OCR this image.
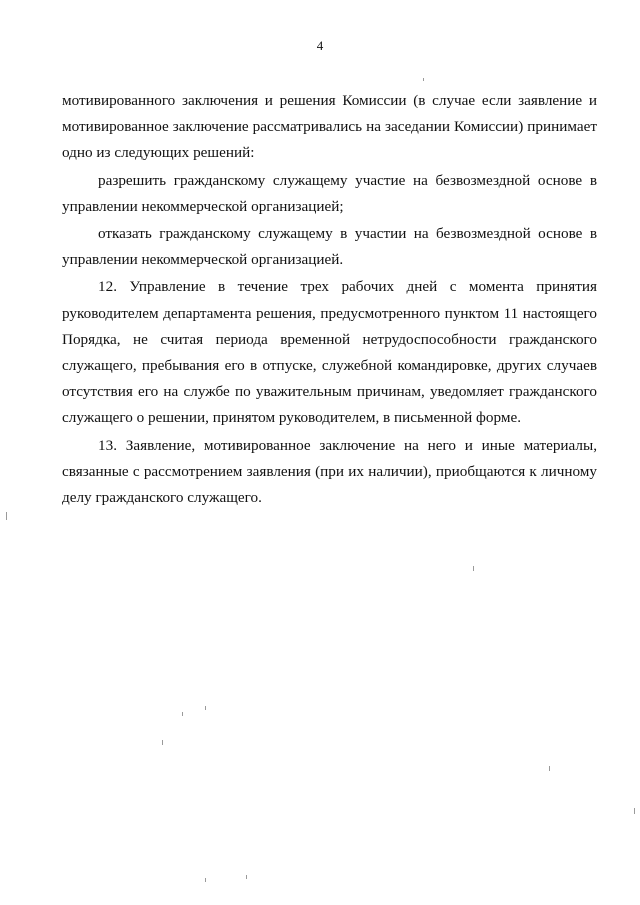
4

мотивированного заключения и решения Комиссии (в случае если заявление и мотивированное заключение рассматривались на заседании Комиссии) принимает одно из следующих решений:

разрешить гражданскому служащему участие на безвозмездной основе в управлении некоммерческой организацией;

отказать гражданскому служащему в участии на безвозмездной основе в управлении некоммерческой организацией.

12. Управление в течение трех рабочих дней с момента принятия руководителем департамента решения, предусмотренного пунктом 11 настоящего Порядка, не считая периода временной нетрудоспособности гражданского служащего, пребывания его в отпуске, служебной командировке, других случаев отсутствия его на службе по уважительным причинам, уведомляет гражданского служащего о решении, принятом руководителем, в письменной форме.

13. Заявление, мотивированное заключение на него и иные материалы, связанные с рассмотрением заявления (при их наличии), приобщаются к личному делу гражданского служащего.
